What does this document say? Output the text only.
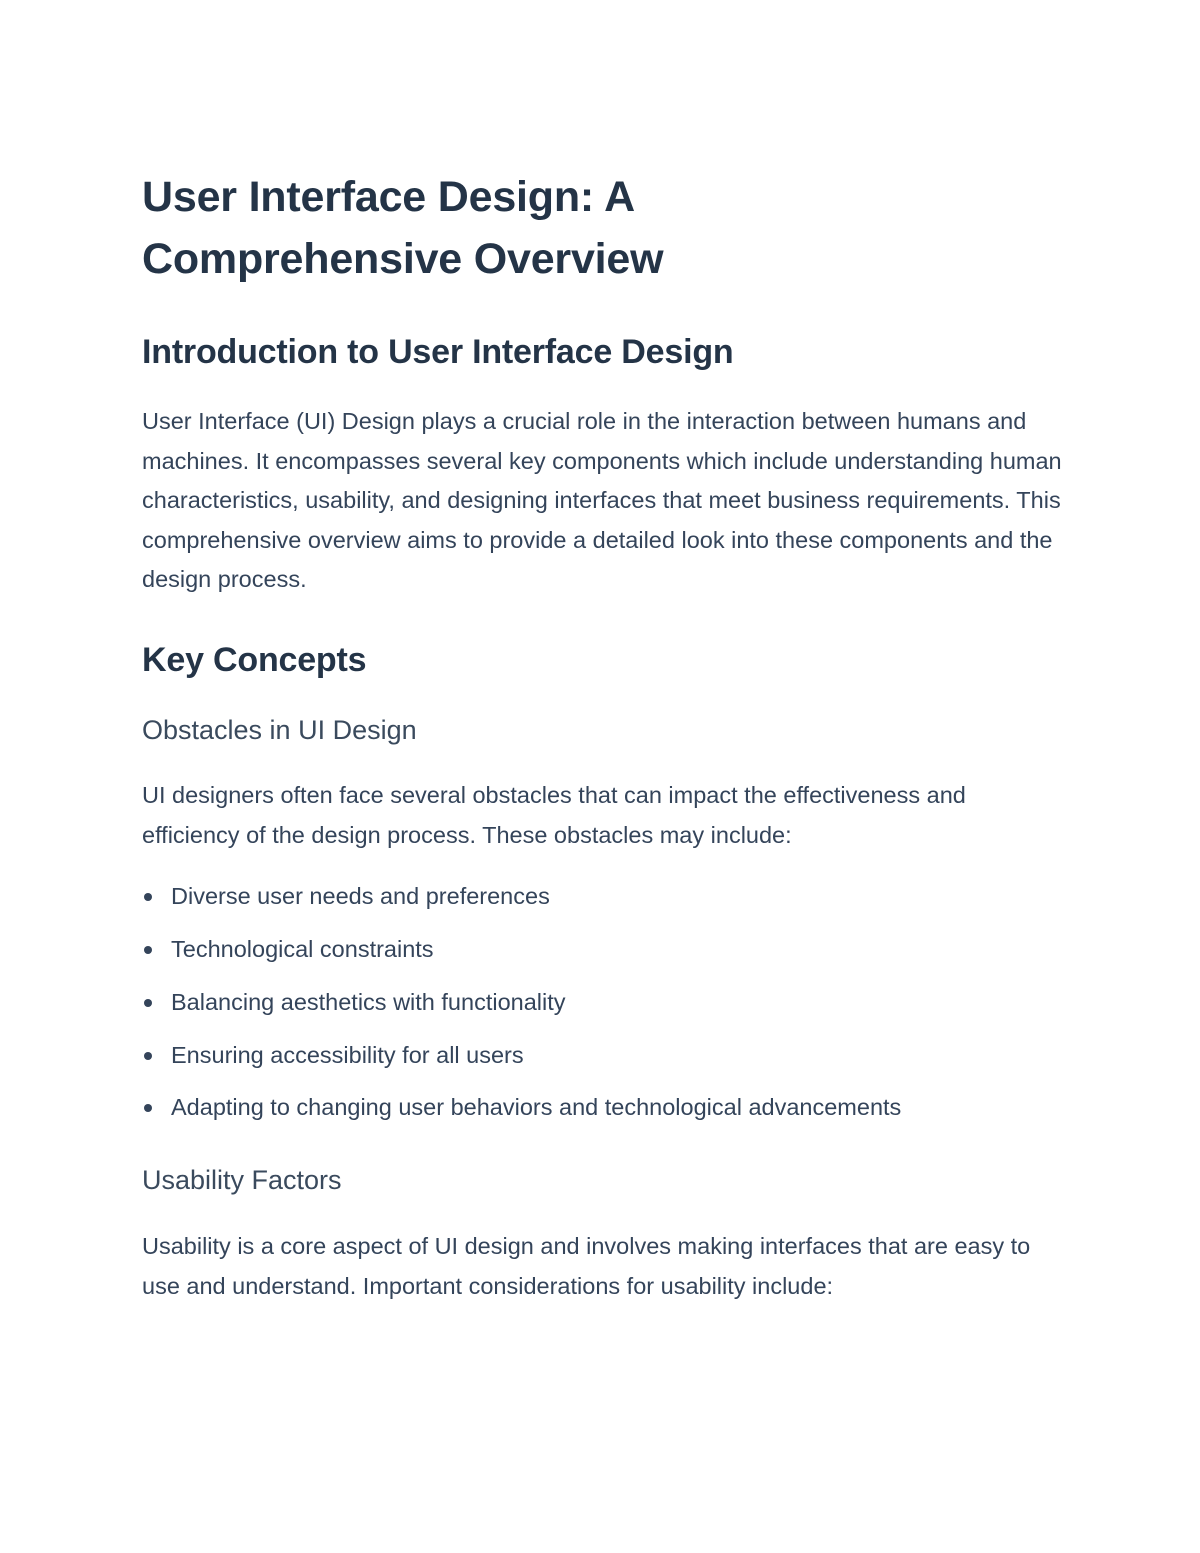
User Interface Design: A
Comprehensive Overview
Introduction to User Interface Design

User Interface (UI) Design plays a crucial role in the interaction between humans and machines. It encompasses several key components which include understanding human characteristics, usability, and designing interfaces that meet business requirements. This comprehensive overview aims to provide a detailed look into these components and the design process.

Key Concepts
Obstacles in UI Design

UI designers often face several obstacles that can impact the effectiveness and efficiency of the design process. These obstacles may include:

Diverse user needs and preferences
Technological constraints
Balancing aesthetics with functionality
Ensuring accessibility for all users
Adapting to changing user behaviors and technological advancements
Usability Factors

Usability is a core aspect of UI design and involves making interfaces that are easy to use and understand. Important considerations for usability include:
